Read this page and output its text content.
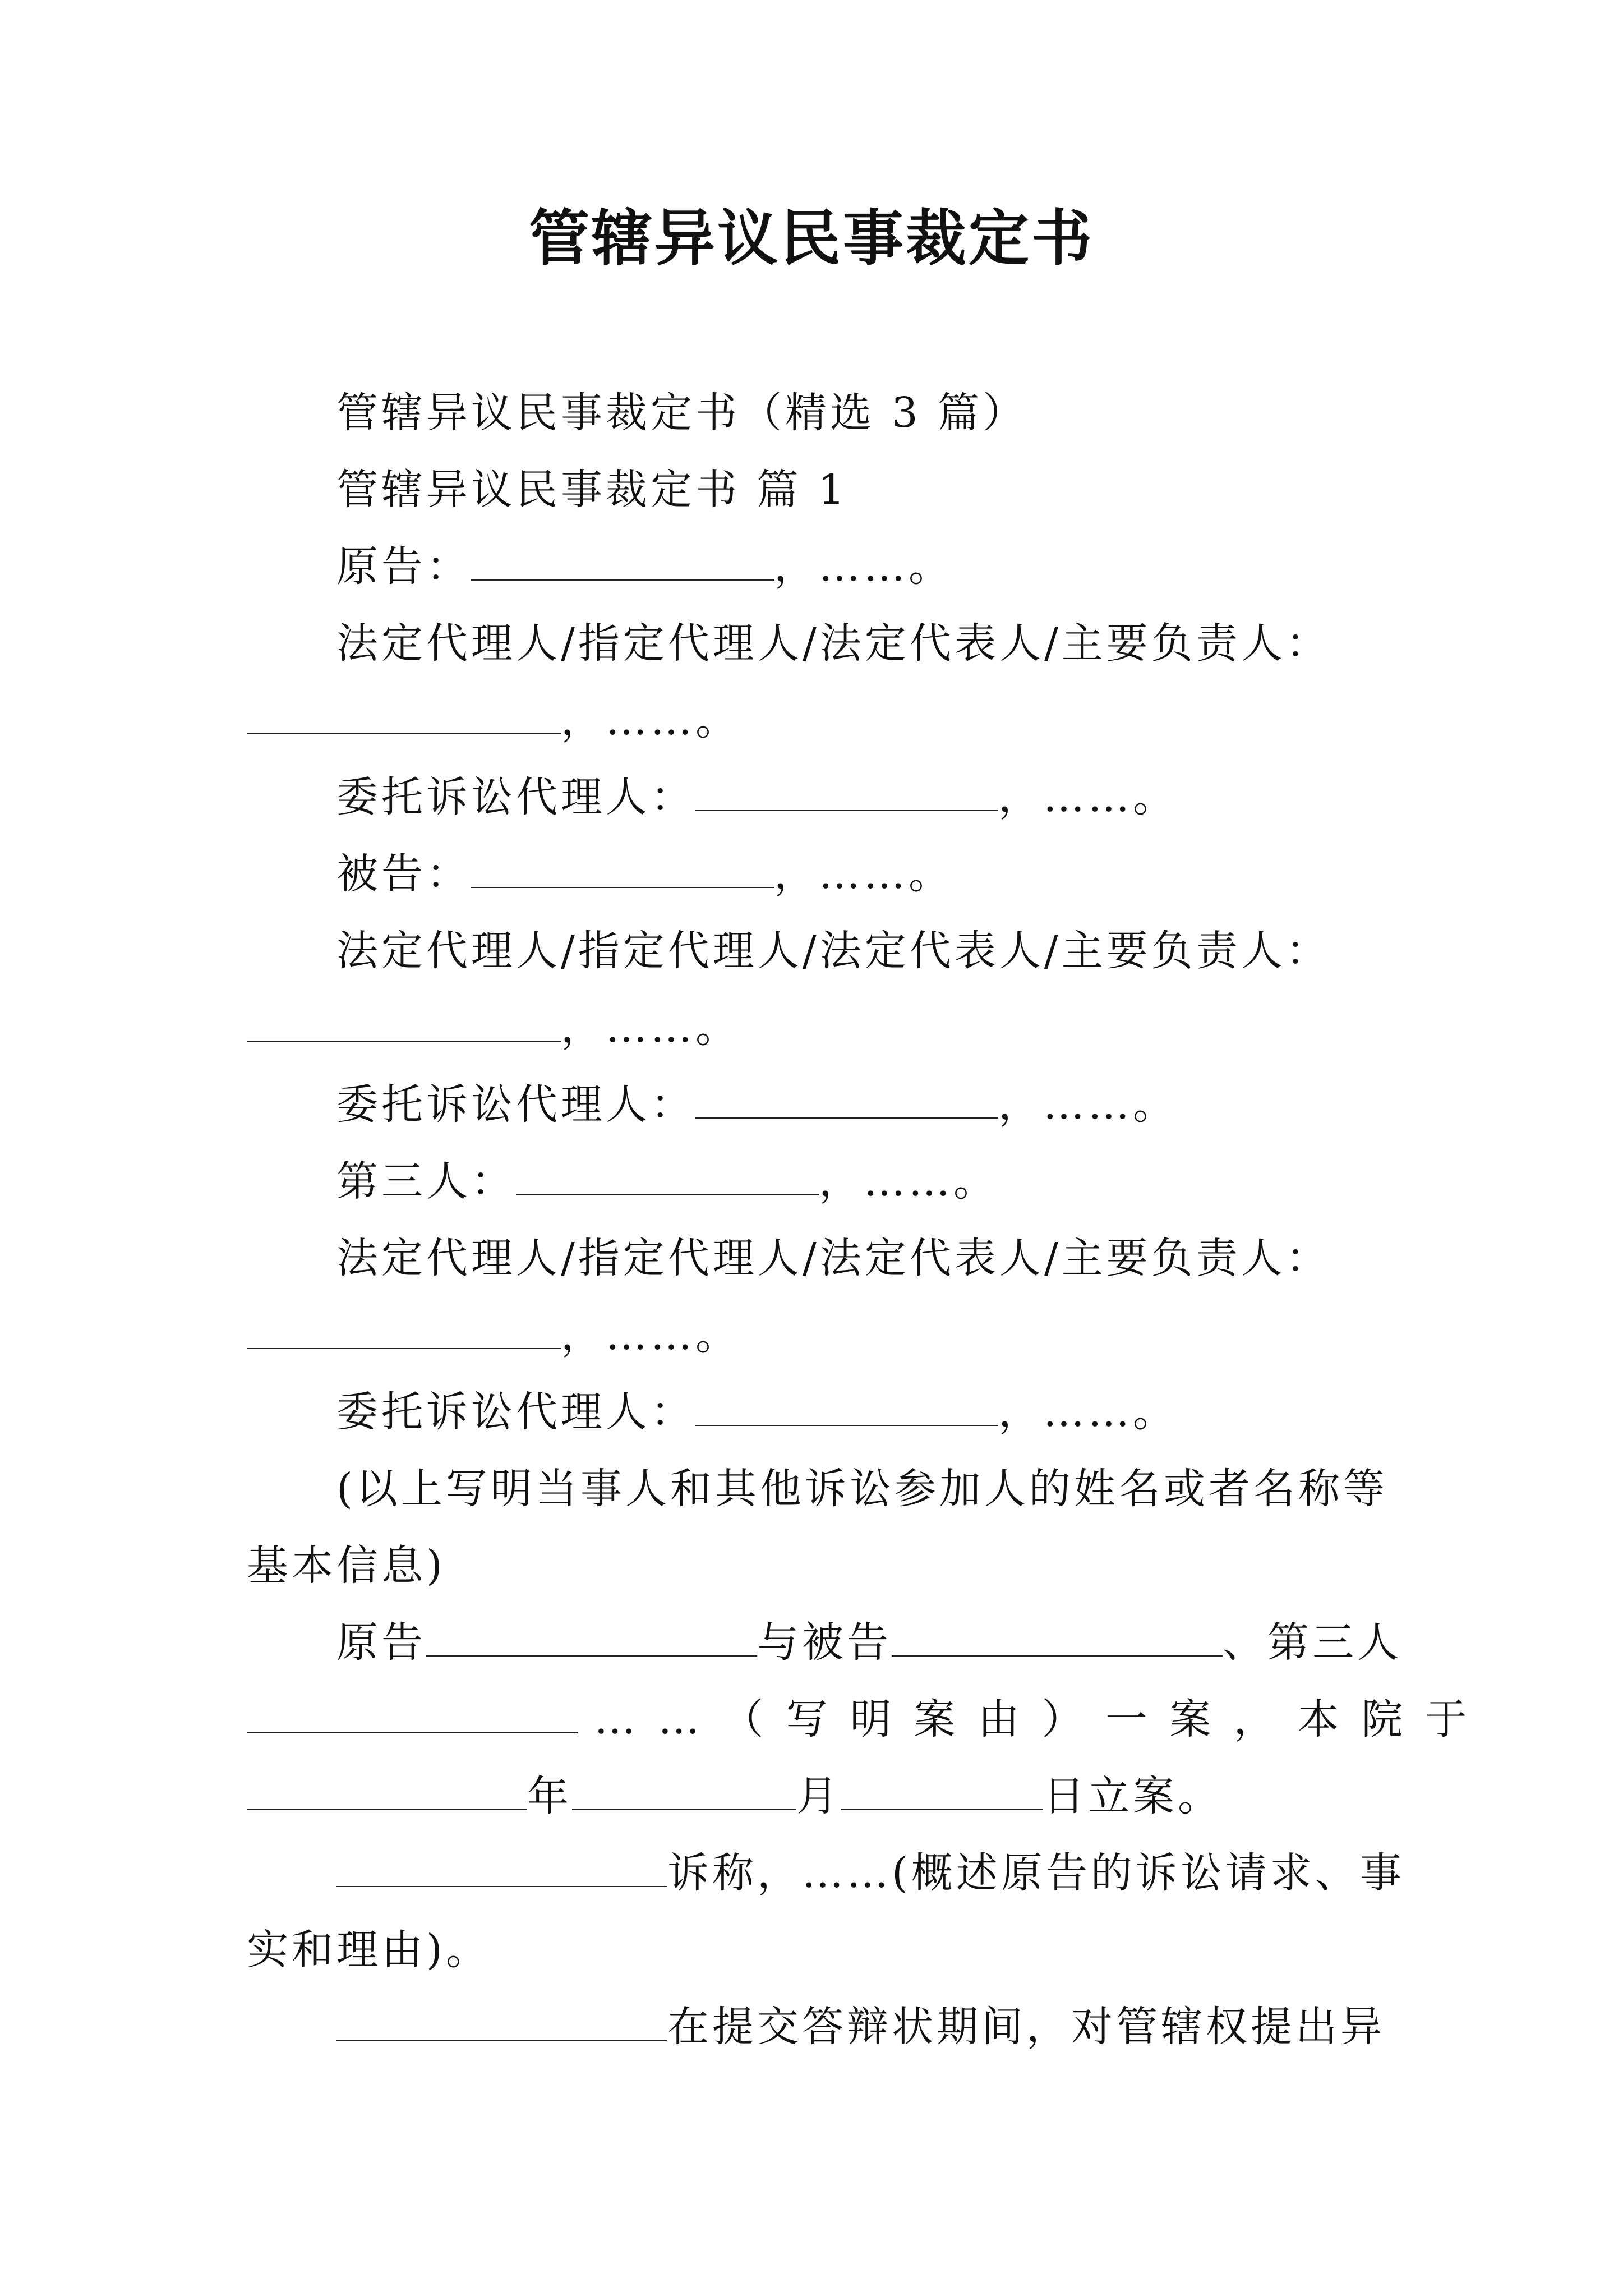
管辖异议民事裁定书
管辖异议民事裁定书（精选 3 篇）
管辖异议民事裁定书 篇 1
原告：	，……。
法定代理人/指定代理人/法定代表人/主要负责人：
，……。
委托诉讼代理人：	，……。
被告：	，……。
法定代理人/指定代理人/法定代表人/主要负责人：
，……。
委托诉讼代理人：	，……。
第三人：	，……。
法定代理人/指定代理人/法定代表人/主要负责人：
，……。
委托诉讼代理人：	，……。
(以上写明当事人和其他诉讼参加人的姓名或者名称等
基本信息)
原告	与被告	、第三人
……（写明案由）一案，本院于
年	月	日立案。
诉称，……(概述原告的诉讼请求、事
实和理由)。
在提交答辩状期间，对管辖权提出异
